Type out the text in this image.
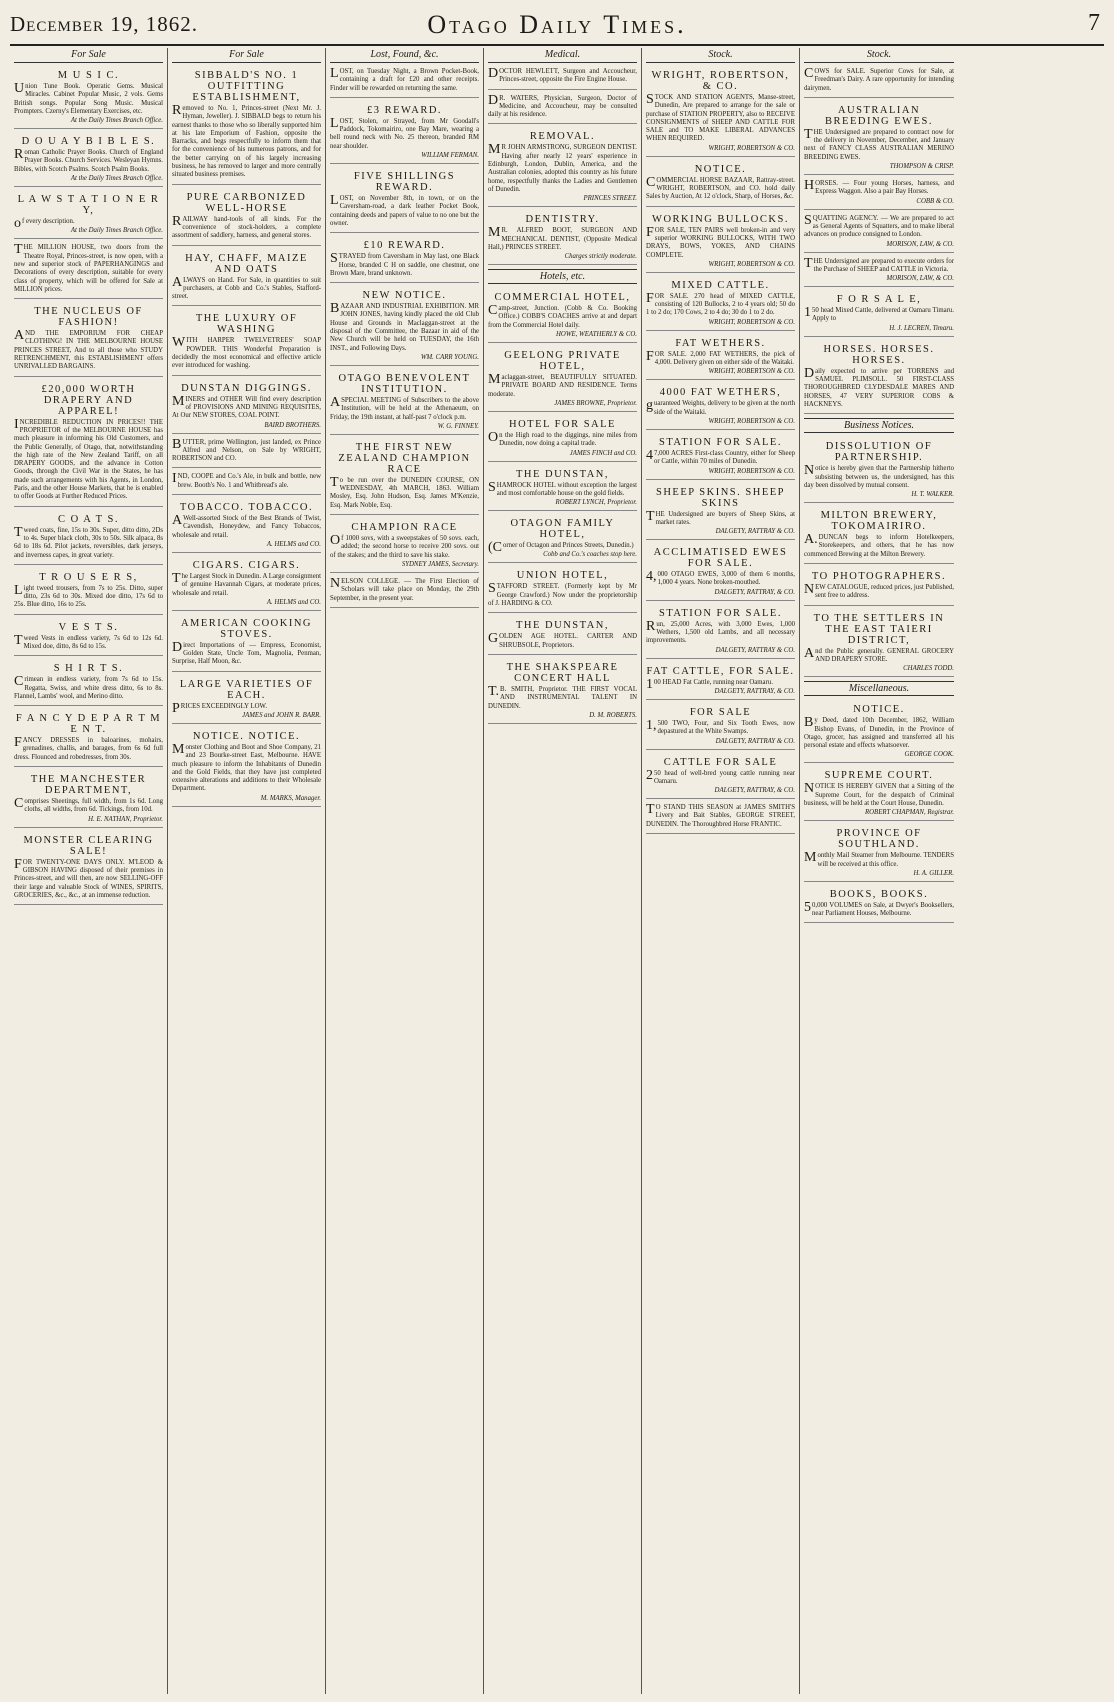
December 19, 1862.	Otago Daily Times.	7
For Sale
M U S I C.
Union Tune Book. Operatic Gems. Musical Miracles. Cabinet Popular Music, 2 vols. Gems British songs. Popular Song Music. Musical Prompters. Czerny's Elementary Exercises, etc.
At the Daily Times Branch Office.
D O U A Y B I B L E S.
Roman Catholic Prayer Books. Church of England Prayer Books. Church Services. Wesleyan Hymns. Bibles, with Scotch Psalms. Scotch Psalm Books.
At the Daily Times Branch Office.
L A W S T A T I O N E R Y,
of every description.
At the Daily Times Branch Office.
THE MILLION HOUSE, two doors from the Theatre Royal, Princes-street, is now open, with a new and superior stock of PAPERHANGINGS and Decorations of every description, suitable for every class of property, which will be offered for Sale at MILLION prices.
THE NUCLEUS OF FASHION!
AND THE EMPORIUM FOR CHEAP CLOTHING! IN THE MELBOURNE HOUSE PRINCES STREET, And to all those who STUDY RETRENCHMENT, this ESTABLISHMENT offers UNRIVALLED BARGAINS.
£20,000 WORTH DRAPERY AND APPAREL!
INCREDIBLE REDUCTION IN PRICES!! THE PROPRIETOR of the MELBOURNE HOUSE has much pleasure in informing his Old Customers, and the Public Generally, of Otago, that, notwithstanding the high rate of the New Zealand Tariff, on all DRAPERY GOODS, and the advance in Cotton Goods, through the Civil War in the States, he has made such arrangements with his Agents, in London, Paris, and the other House Markets, that he is enabled to offer Goods at Further Reduced Prices.
C O A T S.
Tweed coats, fine, 15s to 30s. Super, ditto ditto, 2Ds to 4s. Super black cloth, 30s to 50s. Silk alpaca, 8s 6d to 18s 6d. Pilot jackets, reversibles, dark jerseys, and inverness capes, in great variety.
T R O U S E R S,
Light tweed trousers, from 7s to 25s. Ditto, super ditto, 23s 6d to 30s. Mixed doe ditto, 17s 6d to 25s. Blue ditto, 16s to 25s.
V E S T S.
Tweed Vests in endless variety, 7s 6d to 12s 6d. Mixed doe, ditto, 8s 6d to 15s.
S H I R T S.
Crimean in endless variety, from 7s 6d to 15s. Regatta, Swiss, and white dress ditto, 6s to 8s. Flannel, Lambs' wool, and Merino ditto.
F A N C Y D E P A R T M E N T.
FANCY DRESSES in baloarines, mohairs, grenadines, challis, and barages, from 6s 6d full dress. Flounced and robedresses, from 30s.
THE MANCHESTER DEPARTMENT,
Comprises Sheetings, full width, from 1s 6d. Long cloths, all widths, from 6d. Tickings, from 10d.
H. E. NATHAN, Proprietor.
MONSTER CLEARING SALE!
FOR TWENTY-ONE DAYS ONLY. M'LEOD & GIBSON HAVING disposed of their premises in Princes-street, and will then, are now SELLING-OFF their large and valuable Stock of WINES, SPIRITS, GROCERIES, &c., &c., at an immense reduction.
For Sale
SIBBALD'S NO. 1 OUTFITTING ESTABLISHMENT,
Removed to No. 1, Princes-street (Next Mr. J. Hyman, Jeweller). J. SIBBALD begs to return his earnest thanks to those who so liberally supported him at his late Emporium of Fashion, opposite the Barracks, and begs respectfully to inform them that for the convenience of his numerous patrons, and for the better carrying on of his largely increasing business, he has removed to larger and more centrally situated business premises.
PURE CARBONIZED WELL-HORSE
RAILWAY hand-tools of all kinds. For the convenience of stock-holders, a complete assortment of saddlery, harness, and general stores.
HAY, CHAFF, MAIZE AND OATS
ALWAYS on Hand. For Sale, in quantities to suit purchasers, at Cobb and Co.'s Stables, Stafford-street.
THE LUXURY OF WASHING
WITH HARPER TWELVETREES' SOAP POWDER. THIS Wonderful Preparation is decidedly the most economical and effective article ever introduced for washing.
DUNSTAN DIGGINGS.
MINERS and OTHER Will find every description of PROVISIONS AND MINING REQUISITES, At Our NEW STORES, COAL POINT.
BAIRD BROTHERS.
BUTTER, prime Wellington, just landed, ex Prince Alfred and Nelson, on Sale by WRIGHT, ROBERTSON and CO.
IND, COOPE and Co.'s Ale, in bulk and bottle, new brew. Booth's No. 1 and Whitbread's ale.
TOBACCO. TOBACCO.
AWell-assorted Stock of the Best Brands of Twist, Cavendish, Honeydew, and Fancy Tobaccos, wholesale and retail.
A. HELMS and CO.
CIGARS. CIGARS.
The Largest Stock in Dunedin. A Large consignment of genuine Havannah Cigars, at moderate prices, wholesale and retail.
A. HELMS and CO.
AMERICAN COOKING STOVES.
Direct Importations of — Empress, Economist, Golden State, Uncle Tom, Magnolia, Penman, Surprise, Half Moon, &c.
LARGE VARIETIES OF EACH.
PRICES EXCEEDINGLY LOW.
JAMES and JOHN R. BARR.
NOTICE. NOTICE.
Monster Clothing and Boot and Shoe Company, 21 and 23 Bourke-street East, Melbourne. HAVE much pleasure to inform the Inhabitants of Dunedin and the Gold Fields, that they have just completed extensive alterations and additions to their Wholesale Department.
M. MARKS, Manager.
Lost, Found, &c.
LOST, on Tuesday Night, a Brown Pocket-Book, containing a draft for £20 and other receipts. Finder will be rewarded on returning the same.
£3 REWARD.
LOST, Stolen, or Strayed, from Mr Goodall's Paddock, Tokomairiro, one Bay Mare, wearing a bell round neck with No. 25 thereon, branded RM near shoulder.
WILLIAM FERMAN.
FIVE SHILLINGS REWARD.
LOST, on November 8th, in town, or on the Caversham-road, a dark leather Pocket Book, containing deeds and papers of value to no one but the owner.
£10 REWARD.
STRAYED from Caversham in May last, one Black Horse, branded C H on saddle, one chestnut, one Brown Mare, brand unknown.
NEW NOTICE.
BAZAAR AND INDUSTRIAL EXHIBITION. MR JOHN JONES, having kindly placed the old Club House and Grounds in Maclaggan-street at the disposal of the Committee, the Bazaar in aid of the New Church will be held on TUESDAY, the 16th INST., and Following Days.
WM. CARR YOUNG.
OTAGO BENEVOLENT INSTITUTION.
ASPECIAL MEETING of Subscribers to the above Institution, will be held at the Athenaeum, on Friday, the 19th instant, at half-past 7 o'clock p.m.
W. G. FINNEY.
THE FIRST NEW ZEALAND CHAMPION RACE
To be run over the DUNEDIN COURSE, ON WEDNESDAY, 4th MARCH, 1863. William Mosley, Esq. John Hudson, Esq. James M'Kenzie, Esq. Mark Noble, Esq.
CHAMPION RACE
Of 1000 sovs, with a sweepstakes of 50 sovs. each, added; the second horse to receive 200 sovs. out of the stakes; and the third to save his stake.
SYDNEY JAMES, Secretary.
NELSON COLLEGE. — The First Election of Scholars will take place on Monday, the 29th September, in the present year.
Medical.
DOCTOR HEWLETT, Surgeon and Accoucheur, Princes-street, opposite the Fire Engine House.
DR. WATERS, Physician, Surgeon, Doctor of Medicine, and Accoucheur, may be consulted daily at his residence.
REMOVAL.
MR JOHN ARMSTRONG, SURGEON DENTIST. Having after nearly 12 years' experience in Edinburgh, London, Dublin, America, and the Australian colonies, adopted this country as his future home, respectfully thanks the Ladies and Gentlemen of Dunedin.
PRINCES STREET.
DENTISTRY.
MR. ALFRED BOOT, SURGEON AND MECHANICAL DENTIST, (Opposite Medical Hall,) PRINCES STREET.
Charges strictly moderate.
Hotels, etc.
COMMERCIAL HOTEL,
Camp-street, Junction. (Cobb & Co. Booking Office.) COBB'S COACHES arrive at and depart from the Commercial Hotel daily.
HOWE, WEATHERLY & CO.
GEELONG PRIVATE HOTEL,
Maclaggan-street, BEAUTIFULLY SITUATED. PRIVATE BOARD AND RESIDENCE. Terms moderate.
JAMES BROWNE, Proprietor.
HOTEL FOR SALE
On the High road to the diggings, nine miles from Dunedin, now doing a capital trade.
JAMES FINCH and CO.
THE DUNSTAN,
SHAMROCK HOTEL without exception the largest and most comfortable house on the gold fields.
ROBERT LYNCH, Proprietor.
OTAGON FAMILY HOTEL,
(Corner of Octagon and Princes Streets, Dunedin.)
Cobb and Co.'s coaches stop here.
UNION HOTEL,
STAFFORD STREET. (Formerly kept by Mr George Crawford.) Now under the proprietorship of J. HARDING & CO.
THE DUNSTAN,
GOLDEN AGE HOTEL. CARTER AND SHRUBSOLE, Proprietors.
THE SHAKSPEARE CONCERT HALL
T.B. SMITH, Proprietor. THE FIRST VOCAL AND INSTRUMENTAL TALENT IN DUNEDIN.
D. M. ROBERTS.
Stock.
WRIGHT, ROBERTSON, & CO.
STOCK AND STATION AGENTS, Manse-street, Dunedin, Are prepared to arrange for the sale or purchase of STATION PROPERTY, also to RECEIVE CONSIGNMENTS of SHEEP AND CATTLE FOR SALE and TO MAKE LIBERAL ADVANCES WHEN REQUIRED.
WRIGHT, ROBERTSON & CO.
NOTICE.
COMMERCIAL HORSE BAZAAR, Rattray-street. WRIGHT, ROBERTSON, and CO. hold daily Sales by Auction, At 12 o'clock, Sharp, of Horses, &c.
WORKING BULLOCKS.
FOR SALE, TEN PAIRS well broken-in and very superior WORKING BULLOCKS, WITH TWO DRAYS, BOWS, YOKES, AND CHAINS COMPLETE.
WRIGHT, ROBERTSON & CO.
MIXED CATTLE.
FOR SALE. 270 head of MIXED CATTLE, consisting of 120 Bullocks, 2 to 4 years old; 50 do 1 to 2 do; 170 Cows, 2 to 4 do; 30 do 1 to 2 do.
WRIGHT, ROBERTSON & CO.
FAT WETHERS.
FOR SALE. 2,000 FAT WETHERS, the pick of 4,000. Delivery given on either side of the Waitaki.
WRIGHT, ROBERTSON & CO.
4000 FAT WETHERS,
guaranteed Weights, delivery to be given at the north side of the Waitaki.
WRIGHT, ROBERTSON & CO.
STATION FOR SALE.
47,000 ACRES First-class Country, either for Sheep or Cattle, within 70 miles of Dunedin.
WRIGHT, ROBERTSON & CO.
SHEEP SKINS. SHEEP SKINS
THE Undersigned are buyers of Sheep Skins, at market rates.
DALGETY, RATTRAY & CO.
ACCLIMATISED EWES FOR SALE.
4,000 OTAGO EWES, 3,000 of them 6 months, 1,000 4 years. None broken-mouthed.
DALGETY, RATTRAY, & CO.
STATION FOR SALE.
Run, 25,000 Acres, with 3,000 Ewes, 1,000 Wethers, 1,500 old Lambs, and all necessary improvements.
DALGETY, RATTRAY & CO.
FAT CATTLE, FOR SALE.
100 HEAD Fat Cattle, running near Oamaru.
DALGETY, RATTRAY, & CO.
FOR SALE
1,500 TWO, Four, and Six Tooth Ewes, now depastured at the White Swamps.
DALGETY, RATTRAY & CO.
CATTLE FOR SALE
250 head of well-bred young cattle running near Oamaru.
DALGETY, RATTRAY, & CO.
TO STAND THIS SEASON at JAMES SMITH'S Livery and Bait Stables, GEORGE STREET, DUNEDIN. The Thoroughbred Horse FRANTIC.
Stock.
COWS for SALE. Superior Cows for Sale, at Freedman's Dairy. A rare opportunity for intending dairymen.
AUSTRALIAN BREEDING EWES.
THE Undersigned are prepared to contract now for the delivery in November, December, and January next of FANCY CLASS AUSTRALIAN MERINO BREEDING EWES.
THOMPSON & CRISP.
HORSES. — Four young Horses, harness, and Express Waggon. Also a pair Bay Horses.
COBB & CO.
SQUATTING AGENCY. — We are prepared to act as General Agents of Squatters, and to make liberal advances on produce consigned to London.
MORISON, LAW, & CO.
THE Undersigned are prepared to execute orders for the Purchase of SHEEP and CATTLE in Victoria.
MORISON, LAW, & CO.
F O R S A L E,
150 head Mixed Cattle, delivered at Oamaru Timaru. Apply to
H. J. LECREN, Timaru.
HORSES. HORSES. HORSES.
Daily expected to arrive per TORRENS and SAMUEL PLIMSOLL. 50 FIRST-CLASS THOROUGHBRED CLYDESDALE MARES AND HORSES, 47 VERY SUPERIOR COBS & HACKNEYS.
Business Notices.
DISSOLUTION OF PARTNERSHIP.
Notice is hereby given that the Partnership hitherto subsisting between us, the undersigned, has this day been dissolved by mutual consent.
H. T. WALKER.
MILTON BREWERY, TOKOMAIRIRO.
A.DUNCAN begs to inform Hotelkeepers, Storekeepers, and others, that he has now commenced Brewing at the Milton Brewery.
TO PHOTOGRAPHERS.
NEW CATALOGUE, reduced prices, just Published, sent free to address.
TO THE SETTLERS IN THE EAST TAIERI DISTRICT,
And the Public generally. GENERAL GROCERY AND DRAPERY STORE.
CHARLES TODD.
Miscellaneous.
NOTICE.
By Deed, dated 10th December, 1862, William Bishop Evans, of Dunedin, in the Province of Otago, grocer, has assigned and transferred all his personal estate and effects whatsoever.
GEORGE COOK.
SUPREME COURT.
NOTICE IS HEREBY GIVEN that a Sitting of the Supreme Court, for the despatch of Criminal business, will be held at the Court House, Dunedin.
ROBERT CHAPMAN, Registrar.
PROVINCE OF SOUTHLAND.
Monthly Mail Steamer from Melbourne. TENDERS will be received at this office.
H. A. GILLER.
BOOKS, BOOKS.
50,000 VOLUMES on Sale, at Dwyer's Booksellers, near Parliament Houses, Melbourne.
